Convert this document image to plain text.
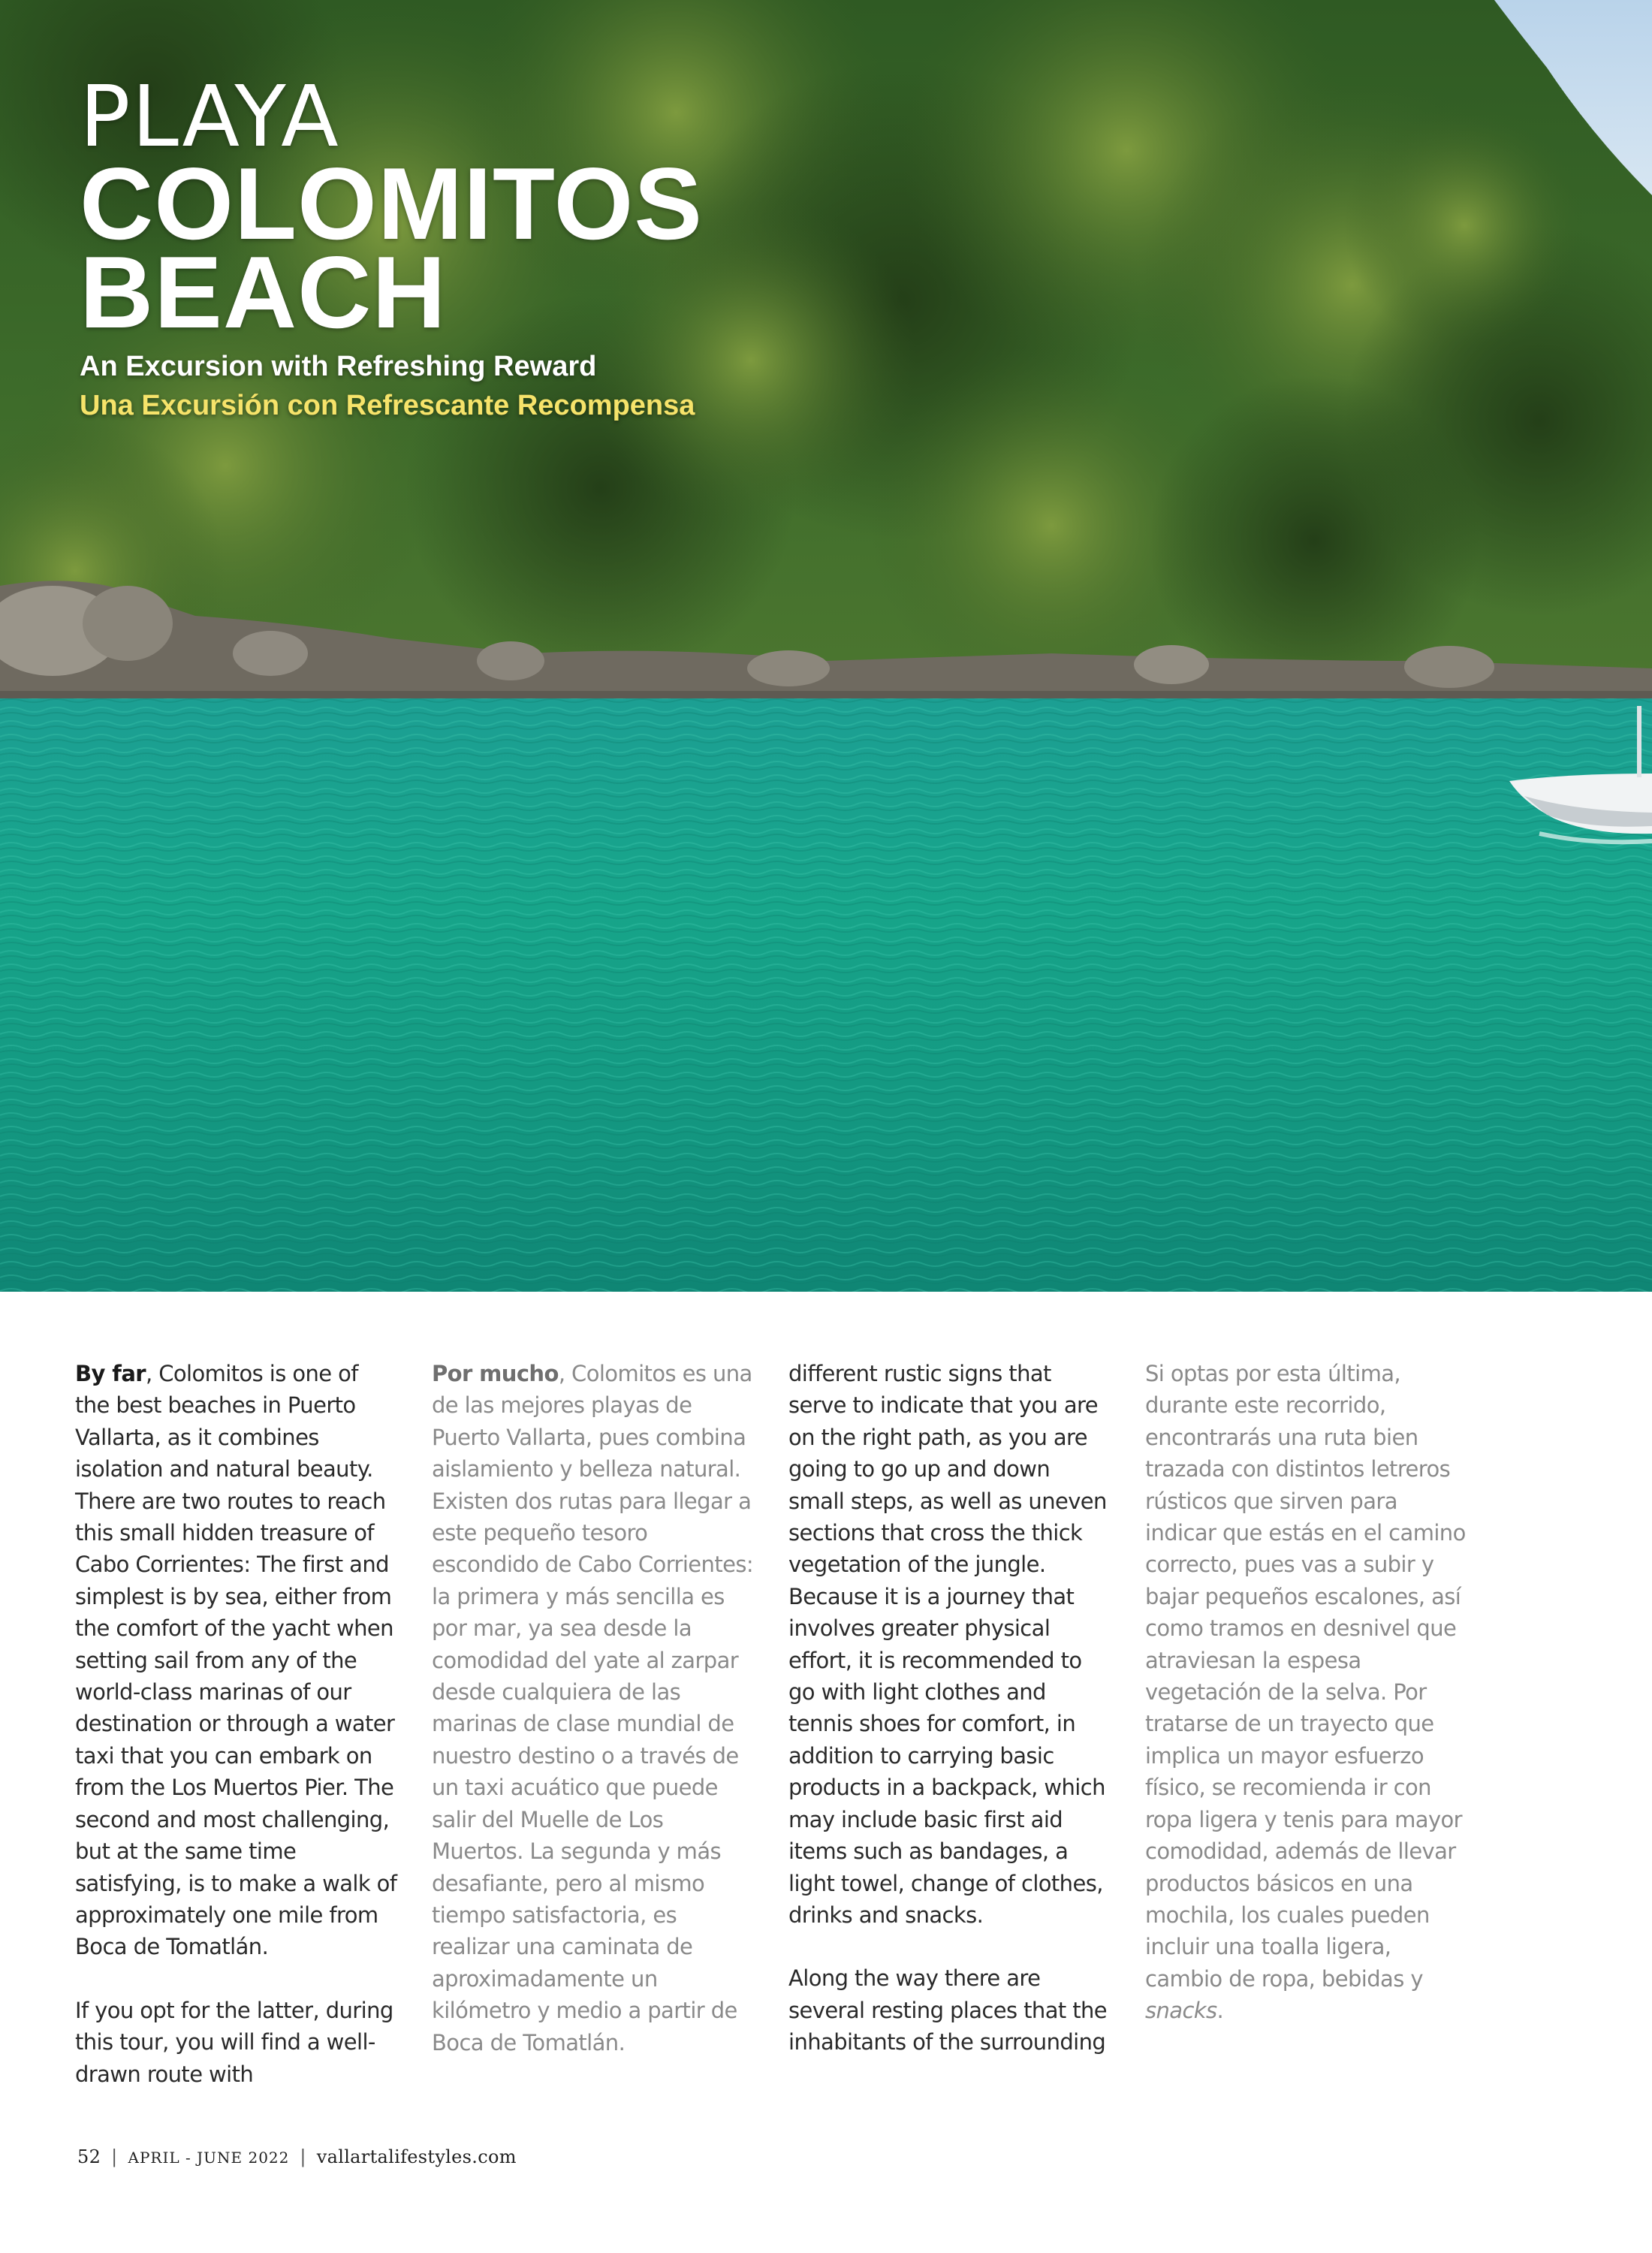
PLAYA
COLOMITOS
BEACH
An Excursion with Refreshing Reward
Una Excursión con Refrescante Recompensa

By far, Colomitos is one of the best beaches in Puerto Vallarta, as it combines isolation and natural beauty. There are two routes to reach this small hidden treasure of Cabo Corrientes: The first and simplest is by sea, either from the comfort of the yacht when setting sail from any of the world-class marinas of our destination or through a water taxi that you can embark on from the Los Muertos Pier. The second and most challenging, but at the same time satisfying, is to make a walk of approximately one mile from Boca de Tomatlán.

If you opt for the latter, during this tour, you will find a well-drawn route with

Por mucho, Colomitos es una de las mejores playas de Puerto Vallarta, pues combina aislamiento y belleza natural. Existen dos rutas para llegar a este pequeño tesoro escondido de Cabo Corrientes: la primera y más sencilla es por mar, ya sea desde la comodidad del yate al zarpar desde cualquiera de las marinas de clase mundial de nuestro destino o a través de un taxi acuático que puede salir del Muelle de Los Muertos. La segunda y más desafiante, pero al mismo tiempo satisfactoria, es realizar una caminata de aproximadamente un kilómetro y medio a partir de Boca de Tomatlán.

different rustic signs that serve to indicate that you are on the right path, as you are going to go up and down small steps, as well as uneven sections that cross the thick vegetation of the jungle. Because it is a journey that involves greater physical effort, it is recommended to go with light clothes and tennis shoes for comfort, in addition to carrying basic products in a backpack, which may include basic first aid items such as bandages, a light towel, change of clothes, drinks and snacks.

Along the way there are several resting places that the inhabitants of the surrounding

Si optas por esta última, durante este recorrido, encontrarás una ruta bien trazada con distintos letreros rústicos que sirven para indicar que estás en el camino correcto, pues vas a subir y bajar pequeños escalones, así como tramos en desnivel que atraviesan la espesa vegetación de la selva. Por tratarse de un trayecto que implica un mayor esfuerzo físico, se recomienda ir con ropa ligera y tenis para mayor comodidad, además de llevar productos básicos en una mochila, los cuales pueden incluir una toalla ligera, cambio de ropa, bebidas y snacks.

52 | APRIL - JUNE 2022 | vallartalifestyles.com
